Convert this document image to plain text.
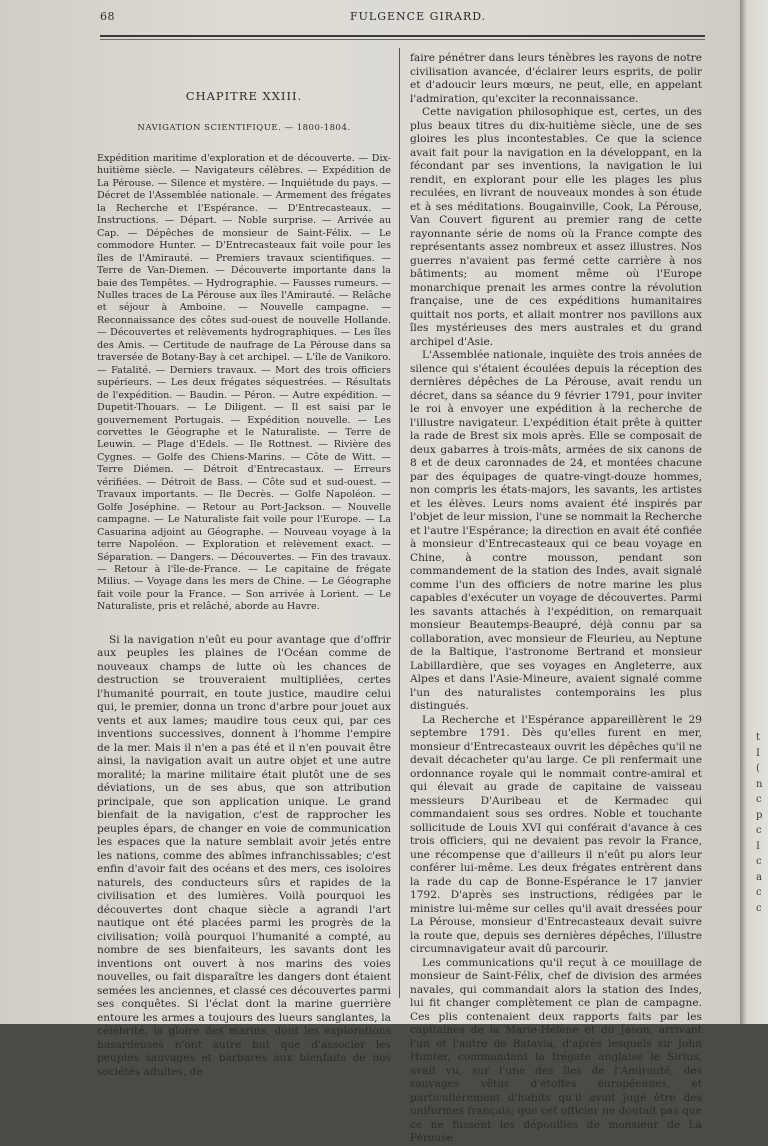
68	FULGENCE GIRARD.
CHAPITRE XXIII.
NAVIGATION SCIENTIFIQUE. — 1800-1804.

Expédition maritime d'exploration et de découverte. — Dix-huitième siècle. — Navigateurs célèbres. — Expédition de La Pérouse. — Silence et mystère. — Inquiétude du pays. — Décret de l'Assemblée nationale. — Armement des frégates la Recherche et l'Espérance. — D'Entrecasteaux. — Instructions. — Départ. — Noble surprise. — Arrivée au Cap. — Dépêches de monsieur de Saint-Félix. — Le commodore Hunter. — D'Entrecasteaux fait voile pour les îles de l'Amirauté. — Premiers travaux scientifiques. — Terre de Van-Diemen. — Découverte importante dans la baie des Tempêtes. — Hydrographie. — Fausses rumeurs. — Nulles traces de La Pérouse aux îles l'Amirauté. — Relâche et séjour à Amboine. — Nouvelle campagne. — Reconnaissance des côtes sud-ouest de nouvelle Hollande. — Découvertes et relèvements hydrographiques. — Les îles des Amis. — Certitude de naufrage de La Pérouse dans sa traversée de Botany-Bay à cet archipel. — L'île de Vanikoro. — Fatalité. — Derniers travaux. — Mort des trois officiers supérieurs. — Les deux frégates séquestrées. — Résultats de l'expédition. — Baudin. — Péron. — Autre expédition. — Dupetit-Thouars. — Le Diligent. — Il est saisi par le gouvernement Portugais. — Expédition nouvelle. — Les corvettes le Géographe et le Naturaliste. — Terre de Leuwin. — Plage d'Edels. — Ile Rottnest. — Rivière des Cygnes. — Golfe des Chiens-Marins. — Côte de Witt. — Terre Diémen. — Détroit d'Entrecastaux. — Erreurs vérifiées. — Détroit de Bass. — Côte sud et sud-ouest. — Travaux importants. — Ile Decrès. — Golfe Napoléon. — Golfe Joséphine. — Retour au Port-Jackson. — Nouvelle campagne. — Le Naturaliste fait voile pour l'Europe. — La Casuarina adjoint au Géographe. — Nouveau voyage à la terre Napoléon. — Exploration et relèvement exact. — Séparation. — Dangers. — Découvertes. — Fin des travaux. — Retour à l'île-de-France. — Le capitaine de frégate Milius. — Voyage dans les mers de Chine. — Le Géographe fait voile pour la France. — Son arrivée à Lorient. — Le Naturaliste, pris et relâché, aborde au Havre.

Si la navigation n'eût eu pour avantage que d'offrir aux peuples les plaines de l'Océan comme de nouveaux champs de lutte où les chances de destruction se trouveraient multipliées, certes l'humanité pourrait, en toute justice, maudire celui qui, le premier, donna un tronc d'arbre pour jouet aux vents et aux lames; maudire tous ceux qui, par ces inventions successives, donnent à l'homme l'empire de la mer. Mais il n'en a pas été et il n'en pouvait être ainsi, la navigation avait un autre objet et une autre moralité; la marine militaire était plutôt une de ses déviations, un de ses abus, que son attribution principale, que son application unique. Le grand bienfait de la navigation, c'est de rapprocher les peuples épars, de changer en voie de communication les espaces que la nature semblait avoir jetés entre les nations, comme des abîmes infranchissables; c'est enfin d'avoir fait des océans et des mers, ces isoloires naturels, des conducteurs sûrs et rapides de la civilisation et des lumières. Voilà pourquoi les découvertes dont chaque siècle a agrandi l'art nautique ont été placées parmi les progrès de la civilisation; voilà pourquoi l'humanité a compté, au nombre de ses bienfaiteurs, les savants dont les inventions ont ouvert à nos marins des voies nouvelles, ou fait disparaître les dangers dont étaient semées les anciennes, et classé ces découvertes parmi ses conquêtes. Si l'éclat dont la marine guerrière entoure les armes a toujours des lueurs sanglantes, la célébrité, la gloire des marins, dont les explorations hasardeuses n'ont autre but que d'associer les peuples sauvages et barbares aux bienfaits de nos sociétés adultes, de

faire pénétrer dans leurs ténèbres les rayons de notre civilisation avancée, d'éclairer leurs esprits, de polir et d'adoucir leurs mœurs, ne peut, elle, en appelant l'admiration, qu'exciter la reconnaissance.

Cette navigation philosophique est, certes, un des plus beaux titres du dix-huitième siècle, une de ses gloires les plus incontestables. Ce que la science avait fait pour la navigation en la développant, en la fécondant par ses inventions, la navigation le lui rendit, en explorant pour elle les plages les plus reculées, en livrant de nouveaux mondes à son étude et à ses méditations. Bougainville, Cook, La Pérouse, Van Couvert figurent au premier rang de cette rayonnante série de noms où la France compte des représentants assez nombreux et assez illustres. Nos guerres n'avaient pas fermé cette carrière à nos bâtiments; au moment même où l'Europe monarchique prenait les armes contre la révolution française, une de ces expéditions humanitaires quittait nos ports, et allait montrer nos pavillons aux îles mystérieuses des mers australes et du grand archipel d'Asie.

L'Assemblée nationale, inquiète des trois années de silence qui s'étaient écoulées depuis la réception des dernières dépêches de La Pérouse, avait rendu un décret, dans sa séance du 9 février 1791, pour inviter le roi à envoyer une expédition à la recherche de l'illustre navigateur. L'expédition était prête à quitter la rade de Brest six mois après. Elle se composait de deux gabarres à trois-mâts, armées de six canons de 8 et de deux caronnades de 24, et montées chacune par des équipages de quatre-vingt-douze hommes, non compris les états-majors, les savants, les artistes et les élèves. Leurs noms avaient été inspirés par l'objet de leur mission, l'une se nommait la Recherche et l'autre l'Espérance; la direction en avait été confiée à monsieur d'Entrecasteaux qui ce beau voyage en Chine, à contre mousson, pendant son commandement de la station des Indes, avait signalé comme l'un des officiers de notre marine les plus capables d'exécuter un voyage de découvertes. Parmi les savants attachés à l'expédition, on remarquait monsieur Beautemps-Beaupré, déjà connu par sa collaboration, avec monsieur de Fleurieu, au Neptune de la Baltique, l'astronome Bertrand et monsieur Labillardière, que ses voyages en Angleterre, aux Alpes et dans l'Asie-Mineure, avaient signalé comme l'un des naturalistes contemporains les plus distingués.

La Recherche et l'Espérance appareillèrent le 29 septembre 1791. Dès qu'elles furent en mer, monsieur d'Entrecasteaux ouvrit les dépêches qu'il ne devait décacheter qu'au large. Ce pli renfermait une ordonnance royale qui le nommait contre-amiral et qui élevait au grade de capitaine de vaisseau messieurs D'Auribeau et de Kermadec qui commandaient sous ses ordres. Noble et touchante sollicitude de Louis XVI qui conférait d'avance à ces trois officiers, qui ne devaient pas revoir la France, une récompense que d'ailleurs il n'eût pu alors leur conférer lui-même. Les deux frégates entrèrent dans la rade du cap de Bonne-Espérance le 17 janvier 1792. D'après ses instructions, rédigées par le ministre lui-même sur celles qu'il avait dressées pour La Pérouse, monsieur d'Entrecasteaux devait suivre la route que, depuis ses dernières dépêches, l'illustre circumnavigateur avait dû parcourir.

Les communications qu'il reçut à ce mouillage de monsieur de Saint-Félix, chef de division des armées navales, qui commandait alors la station des Indes, lui fit changer complètement ce plan de campagne. Ces plis contenaient deux rapports faits par les capitaines de la Marie-Hélène et du Jason, arrivant l'un et l'autre de Batavia, d'après lesquels sir John Hunter, commandant la frégate anglaise le Sirius, avait vu, sur l'une des îles de l'Amirauté, des sauvages vêtus d'étoffes européennes, et particulièrement d'habits qu'il avait jugé être des uniformes français; que cet officier ne doutait pas que ce ne fussent les dépouilles de monsieur de La Pérouse

t
I
(
n
c
p
c
I
c
a
c
c
